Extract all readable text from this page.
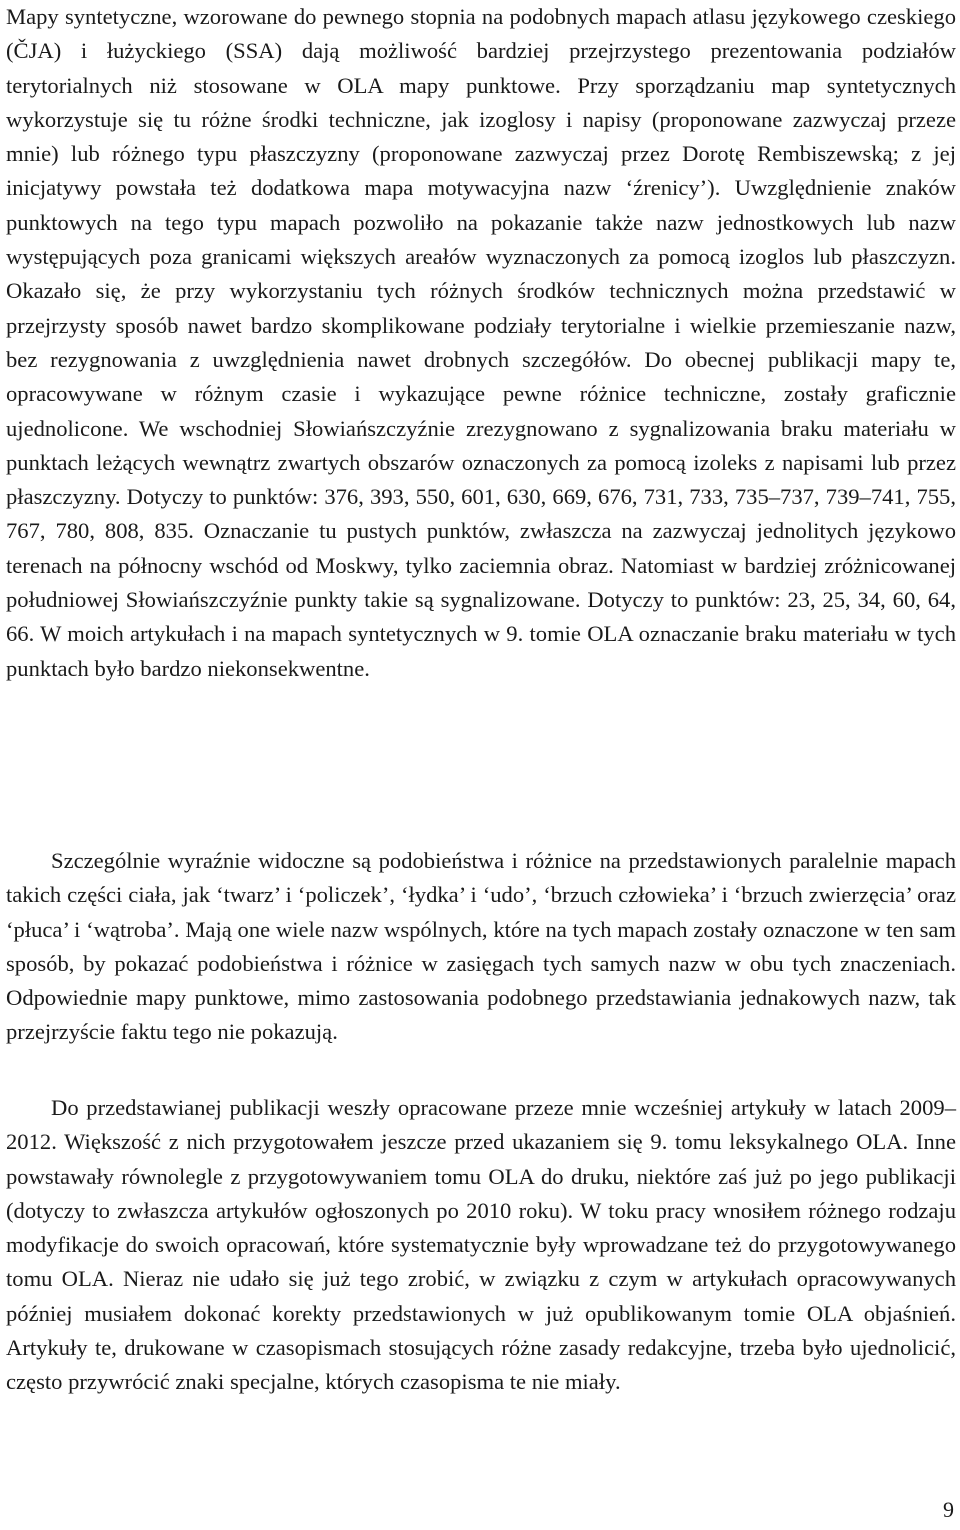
Mapy syntetyczne, wzorowane do pewnego stopnia na podobnych mapach atlasu językowego czeskiego (ČJA) i łużyckiego (SSA) dają możliwość bardziej przejrzystego prezentowania podziałów terytorialnych niż stosowane w OLA mapy punktowe. Przy sporządzaniu map syntetycznych wykorzystuje się tu różne środki techniczne, jak izoglosy i napisy (proponowane zazwyczaj przeze mnie) lub różnego typu płaszczyzny (proponowane zazwyczaj przez Dorotę Rembiszewską; z jej inicjatywy powstała też dodatkowa mapa motywacyjna nazw ‘źrenicy’). Uwzględnienie znaków punktowych na tego typu mapach pozwoliło na pokazanie także nazw jednostkowych lub nazw występujących poza granicami większych areałów wyznaczonych za pomocą izoglos lub płaszczyzn. Okazało się, że przy wykorzystaniu tych różnych środków technicznych można przedstawić w przejrzysty sposób nawet bardzo skomplikowane podziały terytorialne i wielkie przemieszanie nazw, bez rezygnowania z uwzględnienia nawet drobnych szczegółów. Do obecnej publikacji mapy te, opracowywane w różnym czasie i wykazujące pewne różnice techniczne, zostały graficznie ujednolicone. We wschodniej Słowiańszczyźnie zrezygnowano z sygnalizowania braku materiału w punktach leżących wewnątrz zwartych obszarów oznaczonych za pomocą izoleks z napisami lub przez płaszczyzny. Dotyczy to punktów: 376, 393, 550, 601, 630, 669, 676, 731, 733, 735–737, 739–741, 755, 767, 780, 808, 835. Oznaczanie tu pustych punktów, zwłaszcza na zazwyczaj jednolitych językowo terenach na północny wschód od Moskwy, tylko zaciemnia obraz. Natomiast w bardziej zróżnicowanej południowej Słowiańszczyźnie punkty takie są sygnalizowane. Dotyczy to punktów: 23, 25, 34, 60, 64, 66. W moich artykułach i na mapach syntetycznych w 9. tomie OLA oznaczanie braku materiału w tych punktach było bardzo niekonsekwentne.

Szczególnie wyraźnie widoczne są podobieństwa i różnice na przedstawionych paralelnie mapach takich części ciała, jak ‘twarz’ i ‘policzek’, ‘łydka’ i ‘udo’, ‘brzuch człowieka’ i ‘brzuch zwierzęcia’ oraz ‘płuca’ i ‘wątroba’. Mają one wiele nazw wspólnych, które na tych mapach zostały oznaczone w ten sam sposób, by pokazać podobieństwa i różnice w zasięgach tych samych nazw w obu tych znaczeniach. Odpowiednie mapy punktowe, mimo zastosowania podobnego przedstawiania jednakowych nazw, tak przejrzyście faktu tego nie pokazują.

Do przedstawianej publikacji weszły opracowane przeze mnie wcześniej artykuły w latach 2009–2012. Większość z nich przygotowałem jeszcze przed ukazaniem się 9. tomu leksykalnego OLA. Inne powstawały równolegle z przygotowywaniem tomu OLA do druku, niektóre zaś już po jego publikacji (dotyczy to zwłaszcza artykułów ogłoszonych po 2010 roku). W toku pracy wnosiłem różnego rodzaju modyfikacje do swoich opracowań, które systematycznie były wprowadzane też do przygotowywanego tomu OLA. Nieraz nie udało się już tego zrobić, w związku z czym w artykułach opracowywanych później musiałem dokonać korekty przedstawionych w już opublikowanym tomie OLA objaśnień. Artykuły te, drukowane w czasopismach stosujących różne zasady redakcyjne, trzeba było ujednolicić, często przywrócić znaki specjalne, których czasopisma te nie miały.

9
